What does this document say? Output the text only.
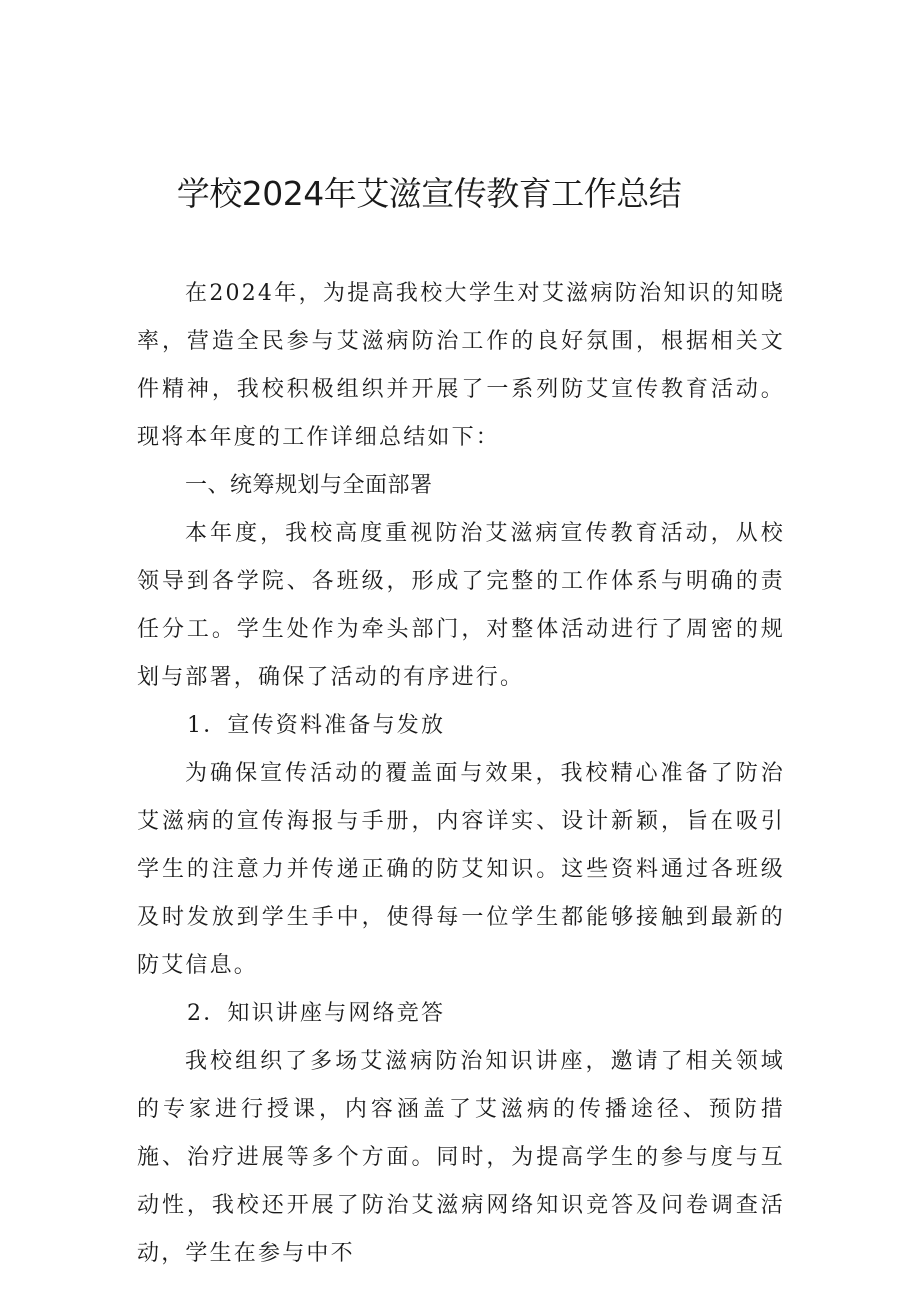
学校2024年艾滋宣传教育工作总结

在2024年，为提高我校大学生对艾滋病防治知识的知晓率，营造全民参与艾滋病防治工作的良好氛围，根据相关文件精神，我校积极组织并开展了一系列防艾宣传教育活动。现将本年度的工作详细总结如下：

一、统筹规划与全面部署

本年度，我校高度重视防治艾滋病宣传教育活动，从校领导到各学院、各班级，形成了完整的工作体系与明确的责任分工。学生处作为牵头部门，对整体活动进行了周密的规划与部署，确保了活动的有序进行。

1．宣传资料准备与发放

为确保宣传活动的覆盖面与效果，我校精心准备了防治艾滋病的宣传海报与手册，内容详实、设计新颖，旨在吸引学生的注意力并传递正确的防艾知识。这些资料通过各班级及时发放到学生手中，使得每一位学生都能够接触到最新的防艾信息。

2．知识讲座与网络竞答

我校组织了多场艾滋病防治知识讲座，邀请了相关领域的专家进行授课，内容涵盖了艾滋病的传播途径、预防措施、治疗进展等多个方面。同时，为提高学生的参与度与互动性，我校还开展了防治艾滋病网络知识竞答及问卷调查活动，学生在参与中不
